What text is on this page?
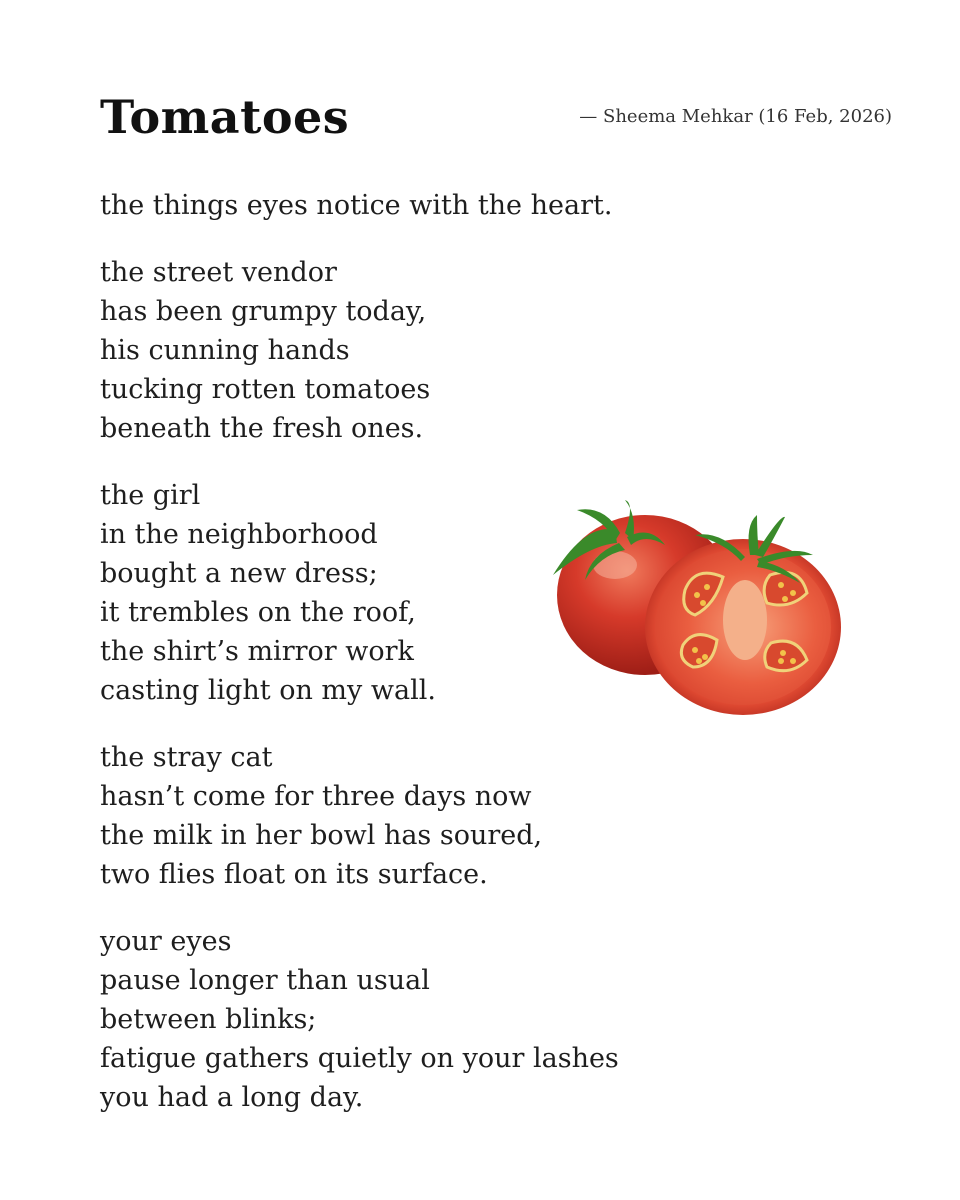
Tomatoes	— Sheema Mehkar (16 Feb, 2026)
the things eyes notice with the heart.
the street vendor
has been grumpy today,
his cunning hands
tucking rotten tomatoes
beneath the fresh ones.
the girl
in the neighborhood
bought a new dress;
it trembles on the roof,
the shirt’s mirror work
casting light on my wall.
the stray cat
hasn’t come for three days now
the milk in her bowl has soured,
two flies float on its surface.
your eyes
pause longer than usual
between blinks;
fatigue gathers quietly on your lashes
you had a long day.
